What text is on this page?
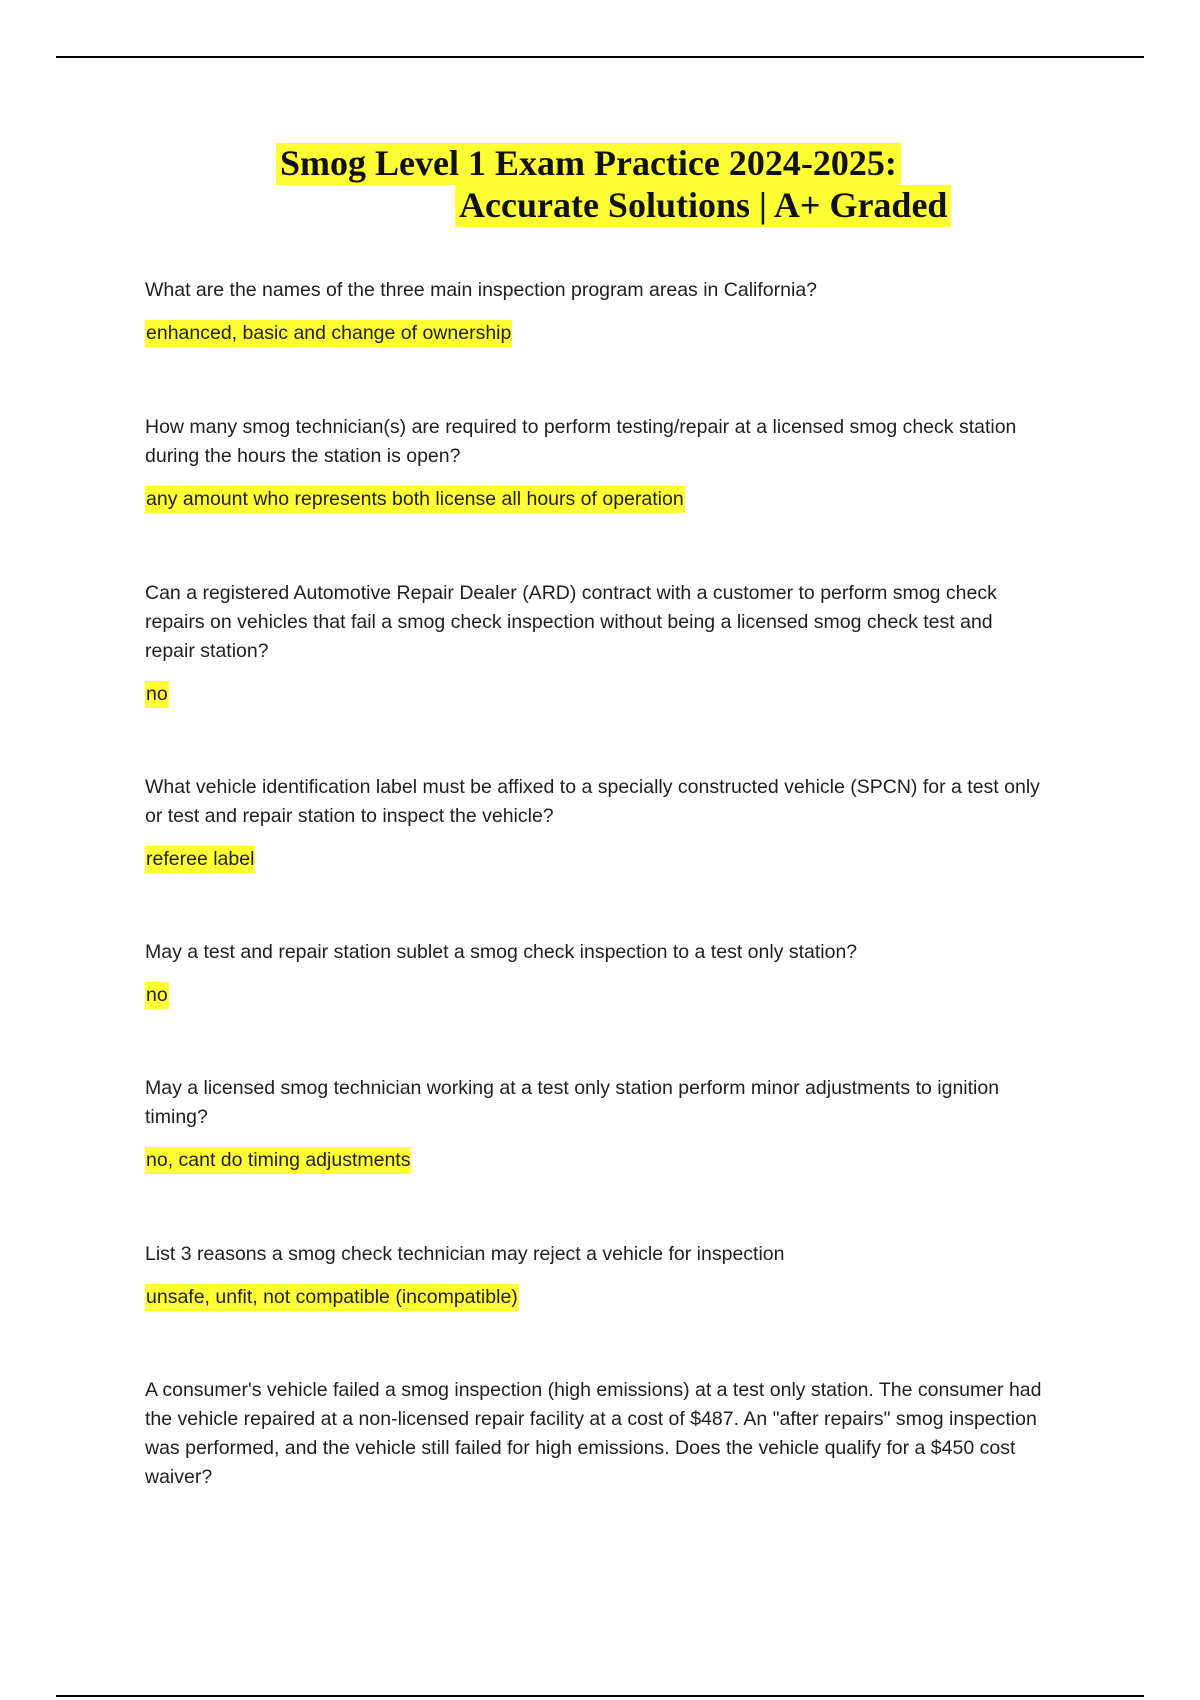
Smog Level 1 Exam Practice 2024-2025:
Accurate Solutions | A+ Graded

What are the names of the three main inspection program areas in California?

enhanced, basic and change of ownership

How many smog technician(s) are required to perform testing/repair at a licensed smog check station during the hours the station is open?

any amount who represents both license all hours of operation

Can a registered Automotive Repair Dealer (ARD) contract with a customer to perform smog check repairs on vehicles that fail a smog check inspection without being a licensed smog check test and repair station?

no

What vehicle identification label must be affixed to a specially constructed vehicle (SPCN) for a test only or test and repair station to inspect the vehicle?

referee label

May a test and repair station sublet a smog check inspection to a test only station?

no

May a licensed smog technician working at a test only station perform minor adjustments to ignition timing?

no, cant do timing adjustments

List 3 reasons a smog check technician may reject a vehicle for inspection

unsafe, unfit, not compatible (incompatible)

A consumer's vehicle failed a smog inspection (high emissions) at a test only station. The consumer had the vehicle repaired at a non-licensed repair facility at a cost of $487. An "after repairs" smog inspection was performed, and the vehicle still failed for high emissions. Does the vehicle qualify for a $450 cost waiver?
